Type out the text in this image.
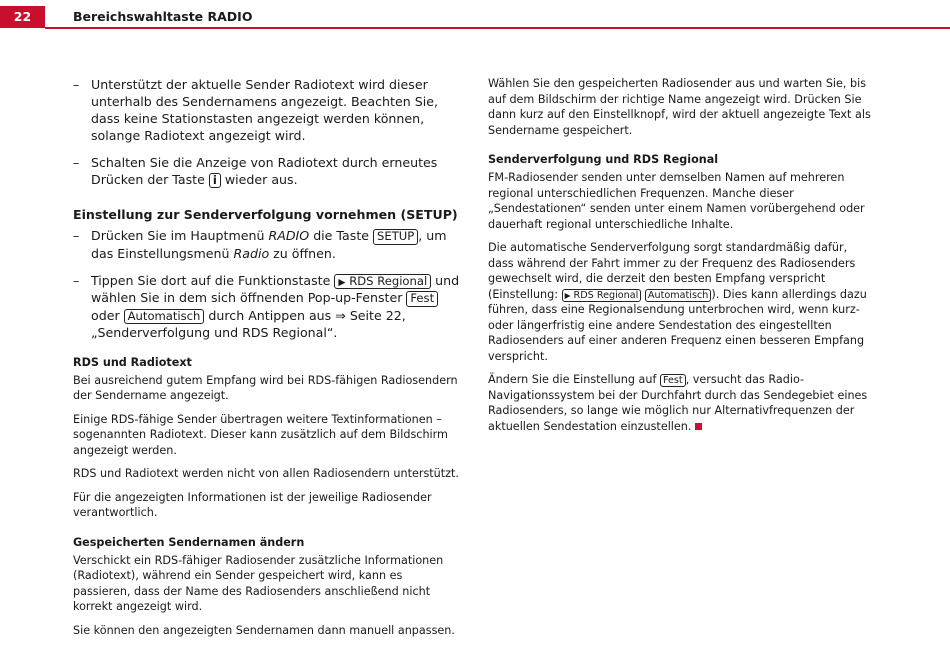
22	Bereichswahltaste RADIO
– Unterstützt der aktuelle Sender Radiotext wird dieser unterhalb des Sendernamens angezeigt. Beachten Sie, dass keine Stationstasten angezeigt werden können, solange Radiotext angezeigt wird.
– Schalten Sie die Anzeige von Radiotext durch erneutes Drücken der Taste i wieder aus.
Einstellung zur Senderverfolgung vornehmen (SETUP)
– Drücken Sie im Hauptmenü RADIO die Taste SETUP , um das Einstellungsmenü Radio zu öffnen.
– Tippen Sie dort auf die Funktionstaste ▶ RDS Regional und wählen Sie in dem sich öffnenden Pop-up-Fenster Fest oder Automatisch durch Antippen aus ⇒ Seite 22, „Senderverfolgung und RDS Regional“.
RDS und Radiotext

Bei ausreichend gutem Empfang wird bei RDS-fähigen Radiosendern der Sendername angezeigt.

Einige RDS-fähige Sender übertragen weitere Textinformationen – sogenannten Radiotext. Dieser kann zusätzlich auf dem Bildschirm angezeigt werden.

RDS und Radiotext werden nicht von allen Radiosendern unterstützt.

Für die angezeigten Informationen ist der jeweilige Radiosender verantwortlich.

Gespeicherten Sendernamen ändern

Verschickt ein RDS-fähiger Radiosender zusätzliche Informationen (Radiotext), während ein Sender gespeichert wird, kann es passieren, dass der Name des Radiosenders anschließend nicht korrekt angezeigt wird.

Sie können den angezeigten Sendernamen dann manuell anpassen.

Wählen Sie den gespeicherten Radiosender aus und warten Sie, bis auf dem Bildschirm der richtige Name angezeigt wird. Drücken Sie dann kurz auf den Einstellknopf, wird der aktuell angezeigte Text als Sendername gespeichert.

Senderverfolgung und RDS Regional

FM-Radiosender senden unter demselben Namen auf mehreren regional unterschiedlichen Frequenzen. Manche dieser „Sendestationen“ senden unter einem Namen vorübergehend oder dauerhaft regional unterschiedliche Inhalte.

Die automatische Senderverfolgung sorgt standardmäßig dafür, dass während der Fahrt immer zu der Frequenz des Radiosenders gewechselt wird, die derzeit den besten Empfang verspricht (Einstellung: ▶ RDS Regional Automatisch ). Dies kann allerdings dazu führen, dass eine Regionalsendung unterbrochen wird, wenn kurz- oder längerfristig eine andere Sendestation des eingestellten Radiosenders auf einer anderen Frequenz einen besseren Empfang verspricht.

Ändern Sie die Einstellung auf Fest , versucht das Radio-Navigationssystem bei der Durchfahrt durch das Sendegebiet eines Radiosenders, so lange wie möglich nur Alternativfrequenzen der aktuellen Sendestation einzustellen.
